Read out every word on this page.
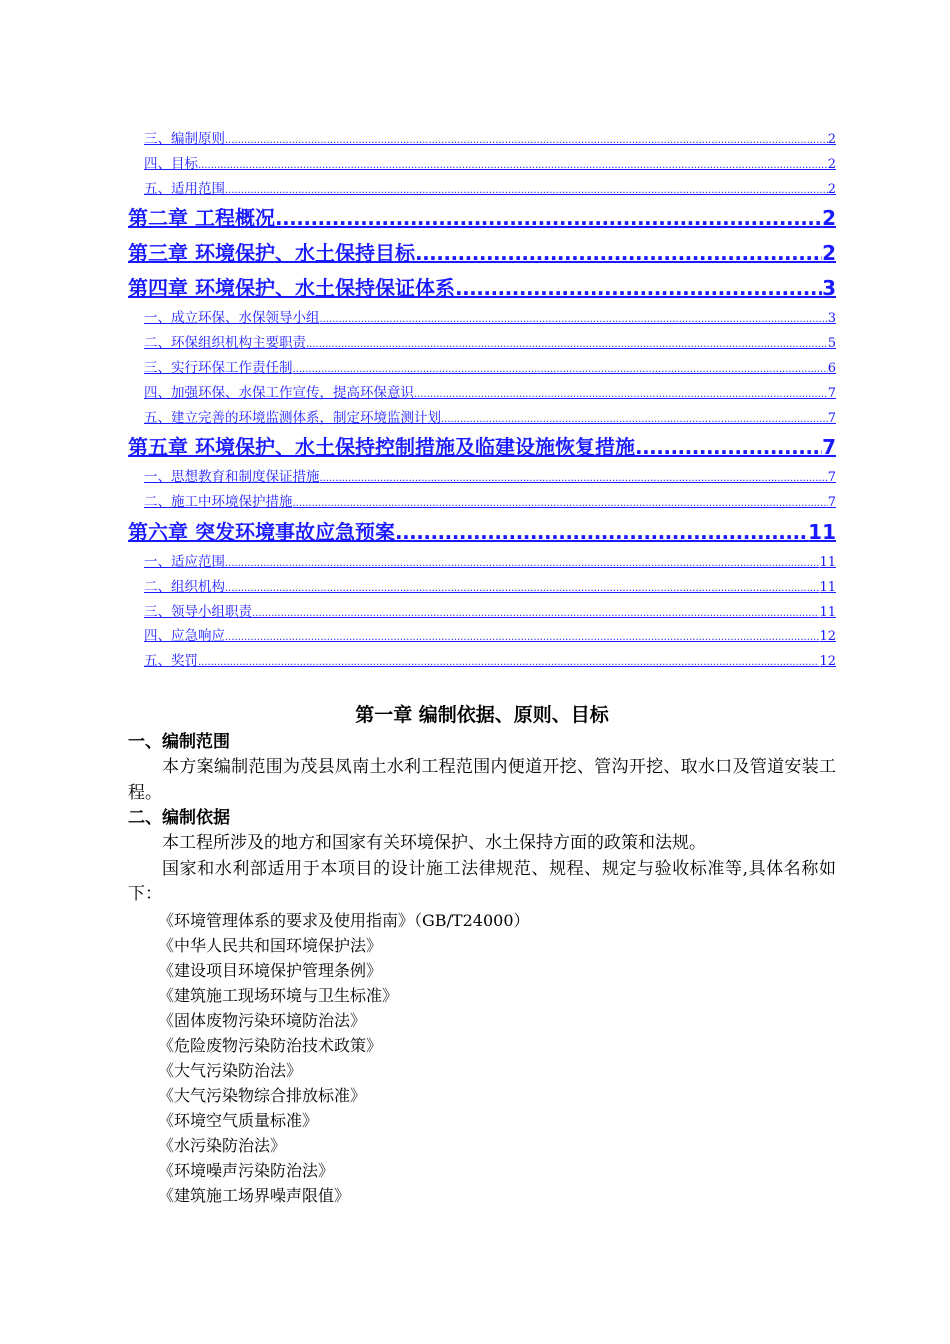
三、编制原则 .....	2
四、目标 .....	2
五、适用范围 .....	2
第二章 工程概况 .....	2
第三章 环境保护、水土保持目标 .....	2
第四章 环境保护、水土保持保证体系 .....	3
一、成立环保、水保领导小组 .....	3
二、环保组织机构主要职责 .....	5
三、实行环保工作责任制 .....	6
四、加强环保、水保工作宣传，提高环保意识 .....	7
五、建立完善的环境监测体系，制定环境监测计划 .....	7
第五章 环境保护、水土保持控制措施及临建设施恢复措施 .....	7
一、思想教育和制度保证措施 .....	7
二、施工中环境保护措施 .....	7
第六章 突发环境事故应急预案 .....	11
一、适应范围 .....	11
二、组织机构 .....	11
三、领导小组职责 .....	11
四、应急响应 .....	12
五、奖罚 .....	12
第一章 编制依据、原则、目标
一、编制范围
本方案编制范围为茂县凤南土水利工程范围内便道开挖、管沟开挖、取水口及管道安装工程。
二、编制依据
本工程所涉及的地方和国家有关环境保护、水土保持方面的政策和法规。
国家和水利部适用于本项目的设计施工法律规范、规程、规定与验收标准等,具体名称如下：
《环境管理体系的要求及使用指南》（GB/T24000）
《中华人民共和国环境保护法》
《建设项目环境保护管理条例》
《建筑施工现场环境与卫生标准》
《固体废物污染环境防治法》
《危险废物污染防治技术政策》
《大气污染防治法》
《大气污染物综合排放标准》
《环境空气质量标准》
《水污染防治法》
《环境噪声污染防治法》
《建筑施工场界噪声限值》
